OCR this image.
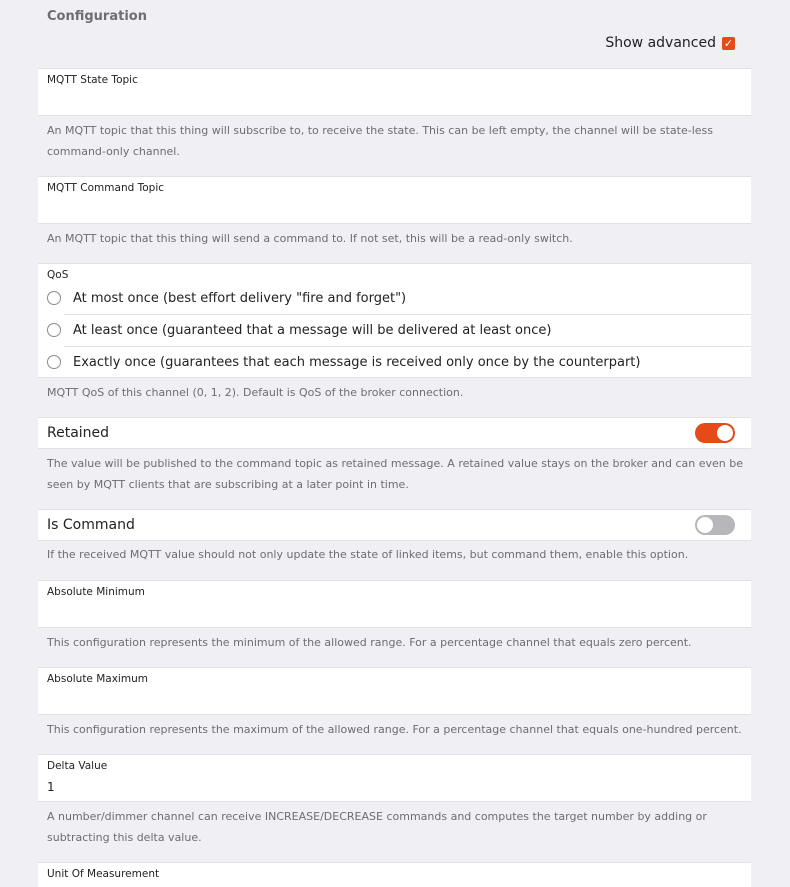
Configuration
Show advanced ✓
MQTT State Topic
An MQTT topic that this thing will subscribe to, to receive the state. This can be left empty, the channel will be state-less command-only channel.
MQTT Command Topic
An MQTT topic that this thing will send a command to. If not set, this will be a read-only switch.
QoS
At most once (best effort delivery "fire and forget")
At least once (guaranteed that a message will be delivered at least once)
Exactly once (guarantees that each message is received only once by the counterpart)
MQTT QoS of this channel (0, 1, 2). Default is QoS of the broker connection.
Retained
The value will be published to the command topic as retained message. A retained value stays on the broker and can even be seen by MQTT clients that are subscribing at a later point in time.
Is Command
If the received MQTT value should not only update the state of linked items, but command them, enable this option.
Absolute Minimum
This configuration represents the minimum of the allowed range. For a percentage channel that equals zero percent.
Absolute Maximum
This configuration represents the maximum of the allowed range. For a percentage channel that equals one-hundred percent.
Delta Value
1
A number/dimmer channel can receive INCREASE/DECREASE commands and computes the target number by adding or subtracting this delta value.
Unit Of Measurement
